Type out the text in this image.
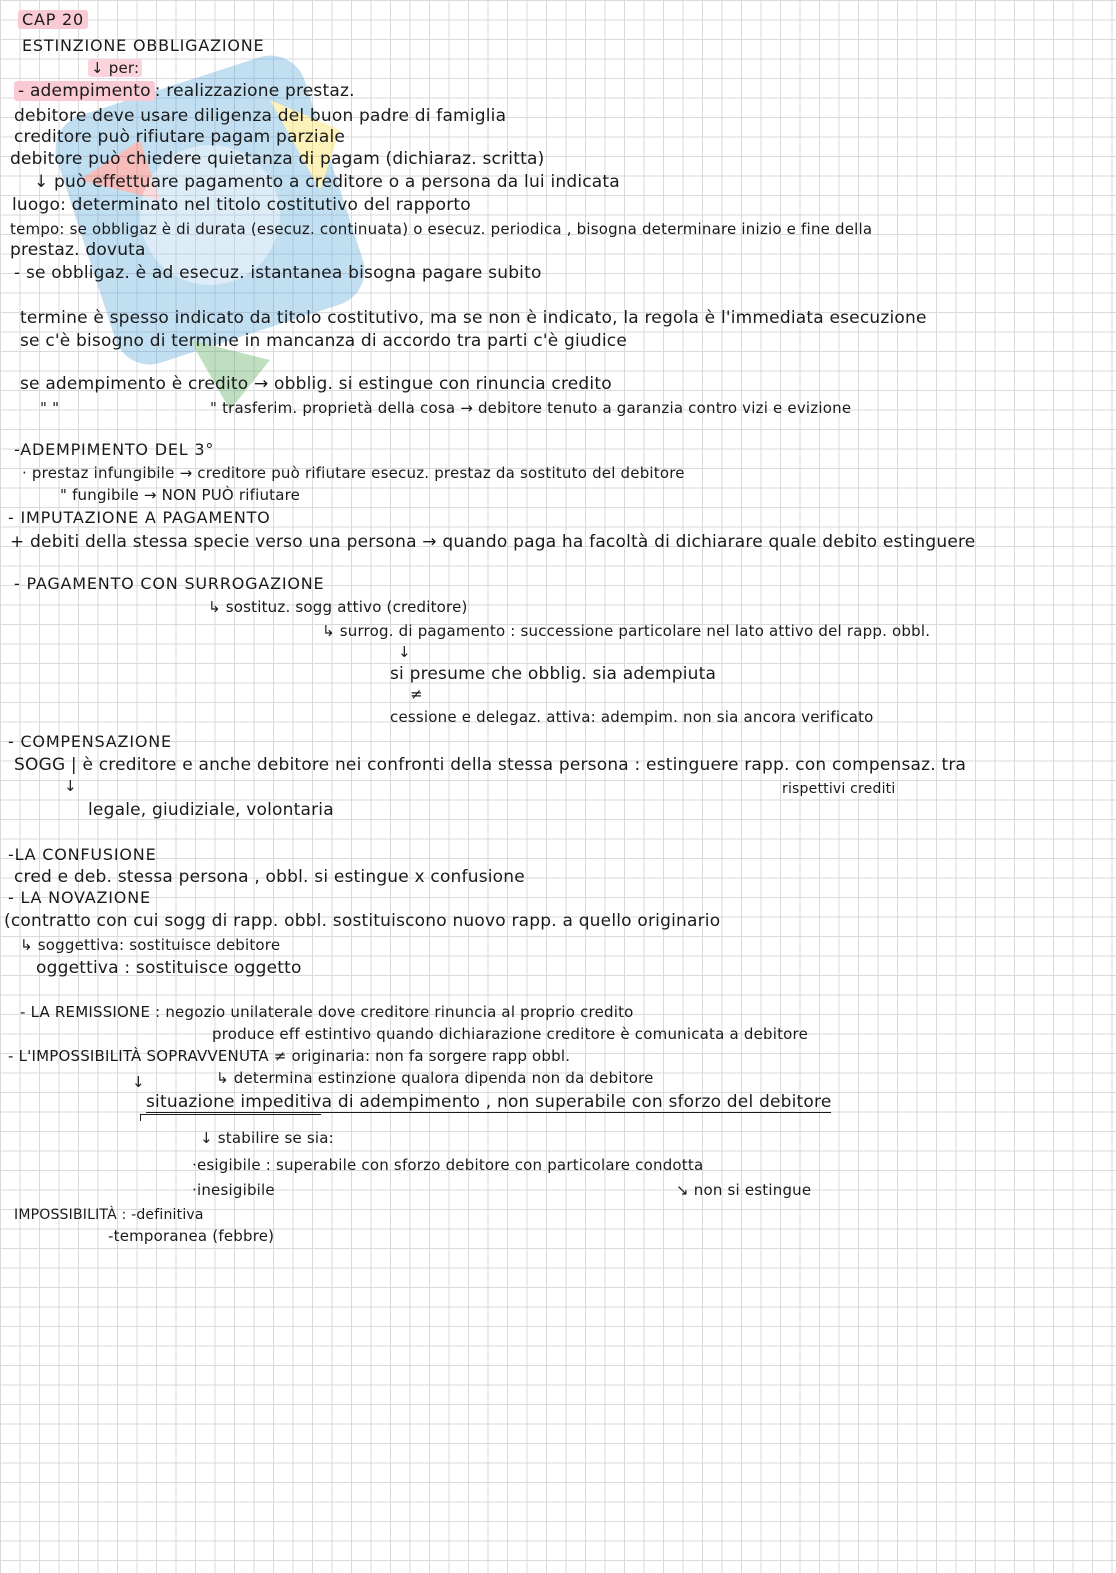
CAP 20
ESTINZIONE OBBLIGAZIONE
↓ per:
- adempimento : realizzazione prestaz.
debitore deve usare diligenza del buon padre di famiglia
creditore può rifiutare pagam parziale
debitore può chiedere quietanza di pagam (dichiaraz. scritta)
↓ può effettuare pagamento a creditore o a persona da lui indicata
luogo: determinato nel titolo costitutivo del rapporto
tempo: se obbligaz è di durata (esecuz. continuata) o esecuz. periodica , bisogna determinare inizio e fine della
prestaz. dovuta
- se obbligaz. è ad esecuz. istantanea bisogna pagare subito
termine è spesso indicato da titolo costitutivo, ma se non è indicato, la regola è l'immediata esecuzione
se c'è bisogno di termine in mancanza di accordo tra parti c'è giudice
se adempimento è credito → obblig. si estingue con rinuncia credito
" "	" trasferim. proprietà della cosa → debitore tenuto a garanzia contro vizi e evizione
-ADEMPIMENTO DEL 3°
· prestaz infungibile → creditore può rifiutare esecuz. prestaz da sostituto del debitore
" fungibile → NON PUÒ rifiutare
- IMPUTAZIONE A PAGAMENTO
+ debiti della stessa specie verso una persona → quando paga ha facoltà di dichiarare quale debito estinguere
- PAGAMENTO CON SURROGAZIONE
↳ sostituz. sogg attivo (creditore)
↳ surrog. di pagamento : successione particolare nel lato attivo del rapp. obbl.
↓
si presume che obblig. sia adempiuta
≠
cessione e delegaz. attiva: adempim. non sia ancora verificato
- COMPENSAZIONE
SOGG | è creditore e anche debitore nei confronti della stessa persona : estinguere rapp. con compensaz. tra
rispettivi crediti
↓
legale, giudiziale, volontaria
-LA CONFUSIONE
cred e deb. stessa persona , obbl. si estingue x confusione
- LA NOVAZIONE
(contratto con cui sogg di rapp. obbl. sostituiscono nuovo rapp. a quello originario
↳ soggettiva: sostituisce debitore
oggettiva : sostituisce oggetto
- LA REMISSIONE : negozio unilaterale dove creditore rinuncia al proprio credito
produce eff estintivo quando dichiarazione creditore è comunicata a debitore
- L'IMPOSSIBILITÀ SOPRAVVENUTA ≠ originaria: non fa sorgere rapp obbl.
↳ determina estinzione qualora dipenda non da debitore
↓
situazione impeditiva di adempimento , non superabile con sforzo del debitore
↓ stabilire se sia:
·esigibile : superabile con sforzo debitore con particolare condotta
·inesigibile	↘ non si estingue
IMPOSSIBILITÀ : -definitiva
-temporanea (febbre)
